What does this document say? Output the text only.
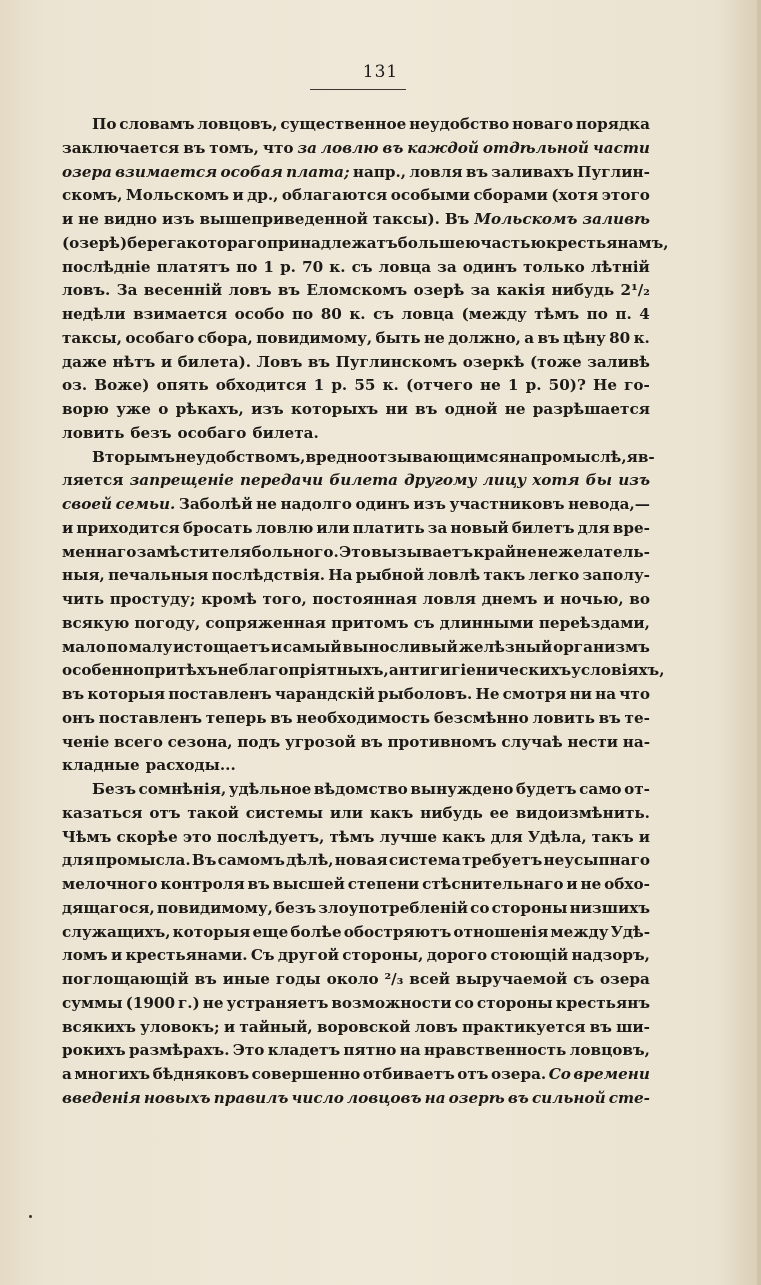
131
По словамъ ловцовъ, существенное неудобство новаго порядка
заключается въ томъ, что за ловлю въ каждой отдѣльной части
озера взимается особая плата; напр., ловля въ заливахъ Пуглин-
скомъ, Мольскомъ и др., облагаются особыми сборами (хотя этого
и не видно изъ вышеприведенной таксы). Въ Мольскомъ заливѣ
(озерѣ) берега котораго принадлежатъ большею частью крестьянамъ,
послѣдніе платятъ по 1 р. 70 к. съ ловца за одинъ только лѣтній
ловъ. За весенній ловъ въ Еломскомъ озерѣ за какія нибудь 2¹/₂
недѣли взимается особо по 80 к. съ ловца (между тѣмъ по п. 4
таксы, особаго сбора, повидимому, быть не должно, а въ цѣну 80 к.
даже нѣтъ и билета). Ловъ въ Пуглинскомъ озеркѣ (тоже заливѣ
оз. Воже) опять обходится 1 р. 55 к. (отчего не 1 р. 50)? Не го-
ворю уже о рѣкахъ, изъ которыхъ ни въ одной не разрѣшается
ловить безъ особаго билета.
Вторымъ неудобствомъ, вредно отзывающимся на промыслѣ, яв-
ляется запрещеніе передачи билета другому лицу хотя бы изъ
своей семьи. Заболѣй не надолго одинъ изъ участниковъ невода,—
и приходится бросать ловлю или платить за новый билетъ для вре-
меннаго замѣстителя больного. Это вызываетъ крайне нежелатель-
ныя, печальныя послѣдствія. На рыбной ловлѣ такъ легко заполу-
чить простуду; кромѣ того, постоянная ловля днемъ и ночью, во
всякую погоду, сопряженная притомъ съ длинными переѣздами,
мало по малу истощаетъ и самый выносливый желѣзный организмъ
особенно при тѣхъ неблагопріятныхъ, антигигіеническихъ условіяхъ,
въ которыя поставленъ чарандскій рыболовъ. Не смотря ни на что
онъ поставленъ теперь въ необходимость безсмѣнно ловить въ те-
ченіе всего сезона, подъ угрозой въ противномъ случаѣ нести на-
кладные расходы...
Безъ сомнѣнія, удѣльное вѣдомство вынуждено будетъ само от-
казаться отъ такой системы или какъ нибудь ее видоизмѣнить.
Чѣмъ скорѣе это послѣдуетъ, тѣмъ лучше какъ для Удѣла, такъ и
для промысла. Въ самомъ дѣлѣ, новая система требуетъ неусыпнаго
мелочного контроля въ высшей степени стѣснительнаго и не обхо-
дящагося, повидимому, безъ злоупотребленій со стороны низшихъ
служащихъ, которыя еще болѣе обостряютъ отношенія между Удѣ-
ломъ и крестьянами. Съ другой стороны, дорого стоющій надзоръ,
поглощающій въ иные годы около ²/₃ всей выручаемой съ озера
суммы (1900 г.) не устраняетъ возможности со стороны крестьянъ
всякихъ уловокъ; и тайный, воровской ловъ практикуется въ ши-
рокихъ размѣрахъ. Это кладетъ пятно на нравственность ловцовъ,
а многихъ бѣдняковъ совершенно отбиваетъ отъ озера. Со времени
введенія новыхъ правилъ число ловцовъ на озерѣ въ сильной сте-
